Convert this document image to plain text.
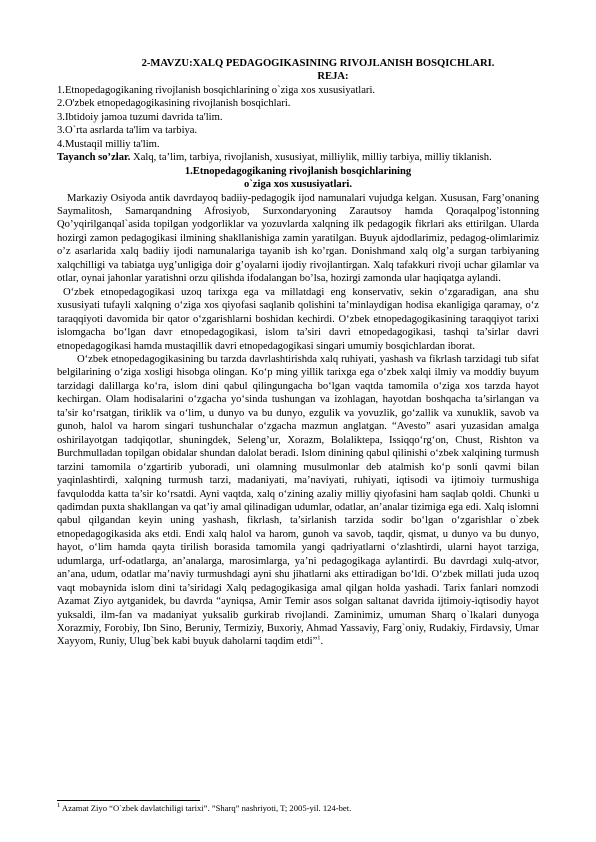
2-MAVZU:XALQ PEDAGOGIKASINING RIVOJLANISH BOSQICHLARI.

REJA:

1.Etnopedagogikaning rivojlanish bosqichlarining o`ziga xos xususiyatlari.

2.O'zbek etnopedagogikasining rivojlanish bosqichlari.

3.Ibtidoiy jamoa tuzumi davrida ta'lim.

3.O`rta asrlarda ta'lim va tarbiya.

4.Mustaqil milliy ta'lim.

Tayanch so’zlar. Xalq, ta’lim, tarbiya, rivojlanish, xususiyat, milliylik, milliy tarbiya, milliy tiklanish.

1.Etnopedagogikaning rivojlanish bosqichlarining

o`ziga xos xususiyatlari.

Markaziy Osiyoda antik davrdayoq badiiy-pedagogik ijod namunalari vujudga kelgan. Xususan, Farg’onaning Saymalitosh, Samarqandning Afrosiyob, Surxondaryoning Zarautsoy hamda Qoraqalpog’istonning Qo’yqirilganqal`asida topilgan yodgorliklar va yozuvlarda xalqning ilk pedagogik fikrlari aks ettirilgan. Ularda hozirgi zamon pedagogikasi ilmining shakllanishiga zamin yaratilgan. Buyuk ajdodlarimiz, pedagog-olimlarimiz o’z asarlarida xalq badiiy ijodi namunalariga tayanib ish ko’rgan. Donishmand xalq olg’a surgan tarbiyaning xalqchilligi va tabiatga uyg’unligiga doir g’oyalarni ijodiy rivojlantirgan. Xalq tafakkuri rivoji uchar gilamlar va otlar, oynai jahonlar yaratishni orzu qilishda ifodalangan bo’lsa, hozirgi zamonda ular haqiqatga aylandi.

O‘zbek etnopedagogikasi uzoq tarixga ega va millatdagi eng konservativ, sekin o‘zgaradigan, ana shu xususiyati tufayli xalqning o‘ziga xos qiyofasi saqlanib qolishini ta’minlaydigan hodisa ekanligiga qaramay, o‘z taraqqiyoti davomida bir qator o‘zgarishlarni boshidan kechirdi. O‘zbek etnopedagogikasining taraqqiyot tarixi islomgacha bo‘lgan davr etnopedagogikasi, islom ta’siri davri etnopedagogikasi, tashqi ta’sirlar davri etnopedagogikasi hamda mustaqillik davri etnopedagogikasi singari umumiy bosqichlardan iborat.

O‘zbek etnopedagogikasining bu tarzda davrlashtirishda xalq ruhiyati, yashash va fikrlash tarzidagi tub sifat belgilarining o‘ziga xosligi hisobga olingan. Ko‘p ming yillik tarixga ega o‘zbek xalqi ilmiy va moddiy buyum tarzidagi dalillarga ko‘ra, islom dini qabul qilingungacha bo‘lgan vaqtda tamomila o‘ziga xos tarzda hayot kechirgan. Olam hodisalarini o‘zgacha yo‘sinda tushungan va izohlagan, hayotdan boshqacha ta’sirlangan va ta’sir ko‘rsatgan, tiriklik va o‘lim, u dunyo va bu dunyo, ezgulik va yovuzlik, go‘zallik va xunuklik, savob va gunoh, halol va harom singari tushunchalar o‘zgacha mazmun anglatgan. “Avesto” asari yuzasidan amalga oshirilayotgan tadqiqotlar, shuningdek, Seleng’ur, Xorazm, Bolaliktepa, Issiqqo‘rg‘on, Chust, Rishton va Burchmulladan topilgan obidalar shundan dalolat beradi. Islom dinining qabul qilinishi o‘zbek xalqining turmush tarzini tamomila o‘zgartirib yuboradi, uni olamning musulmonlar deb atalmish ko‘p sonli qavmi bilan yaqinlashtirdi, xalqning turmush tarzi, madaniyati, ma’naviyati, ruhiyati, iqtisodi va ijtimoiy turmushiga favqulodda katta ta’sir ko‘rsatdi. Ayni vaqtda, xalq o‘zining azaliy milliy qiyofasini ham saqlab qoldi. Chunki u qadimdan puxta shakllangan va qat’iy amal qilinadigan udumlar, odatlar, an’analar tizimiga ega edi. Xalq islomni qabul qilgandan keyin uning yashash, fikrlash, ta’sirlanish tarzida sodir bo‘lgan o‘zgarishlar o`zbek etnopedagogikasida aks etdi. Endi xalq halol va harom, gunoh va savob, taqdir, qismat, u dunyo va bu dunyo, hayot, o‘lim hamda qayta tirilish borasida tamomila yangi qadriyatlarni o‘zlashtirdi, ularni hayot tarziga, udumlarga, urf-odatlarga, an’analarga, marosimlarga, ya’ni pedagogikaga aylantirdi. Bu davrdagi xulq-atvor, an’ana, udum, odatlar ma’naviy turmushdagi ayni shu jihatlarni aks ettiradigan bo‘ldi. O‘zbek millati juda uzoq vaqt mobaynida islom dini ta’siridagi Xalq pedagogikasiga amal qilgan holda yashadi. Tarix fanlari nomzodi Azamat Ziyo aytganidek, bu davrda “ayniqsa, Amir Temir asos solgan saltanat davrida ijtimoiy-iqtisodiy hayot yuksaldi, ilm-fan va madaniyat yuksalib gurkirab rivojlandi. Zaminimiz, umuman Sharq o`lkalari dunyoga Xorazmiy, Forobiy, Ibn Sino, Beruniy, Termiziy, Buxoriy, Ahmad Yassaviy, Farg`oniy, Rudakiy, Firdavsiy, Umar Xayyom, Runiy, Ulug`bek kabi buyuk daholarni taqdim etdi”$^1$.

$^1$ Azamat Ziyo “O`zbek davlatchiligi tarixi”. ”Sharq” nashriyoti, T; 2005-yil. 124-bet.
